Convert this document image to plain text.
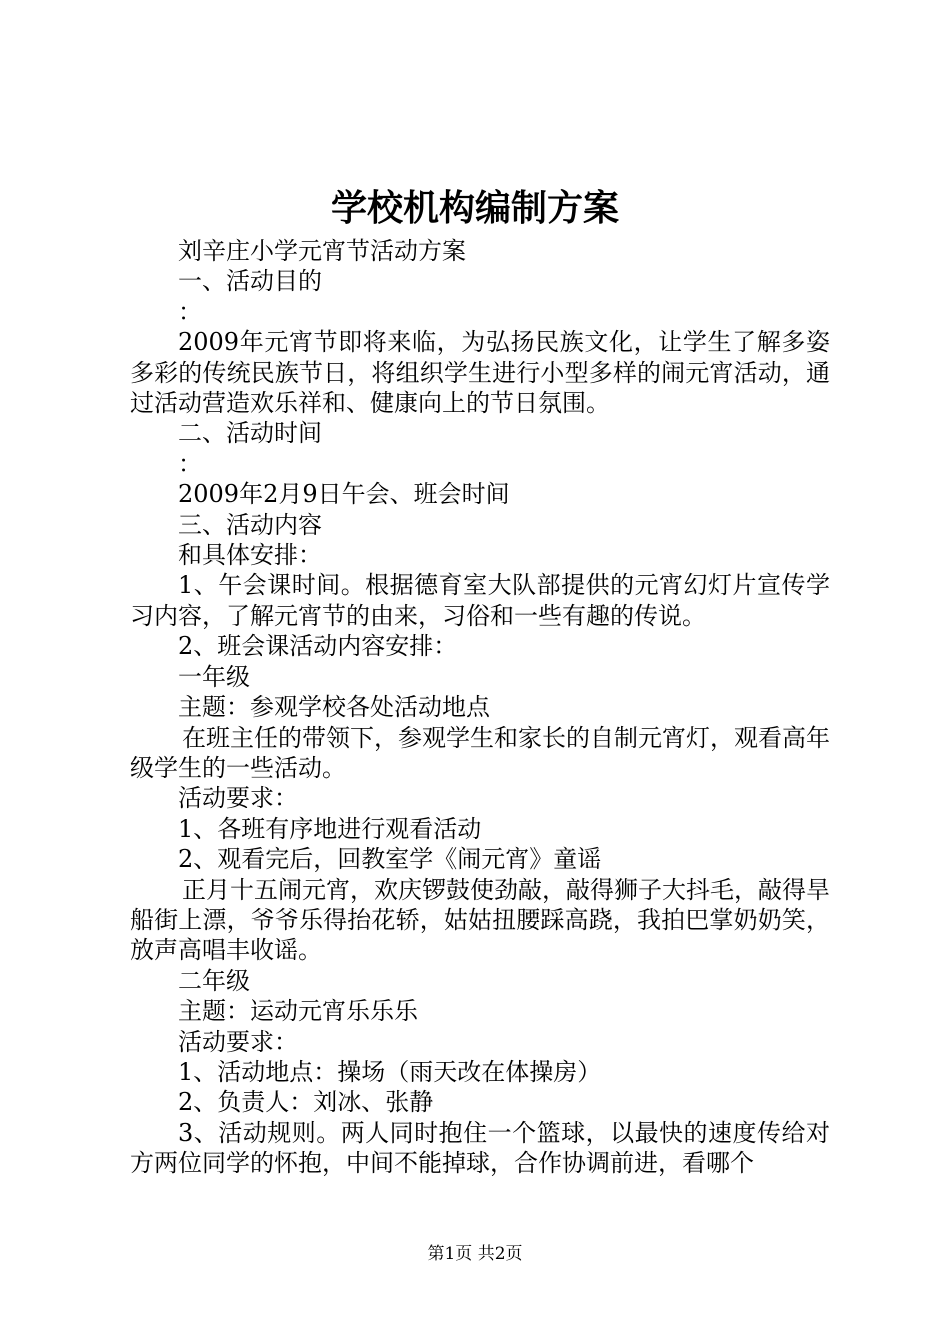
学校机构编制方案

刘辛庄小学元宵节活动方案

一、活动目的

：

2009年元宵节即将来临，为弘扬民族文化，让学生了解多姿多彩的传统民族节日，将组织学生进行小型多样的闹元宵活动，通过活动营造欢乐祥和、健康向上的节日氛围。

二、活动时间

：

2009年2月9日午会、班会时间

三、活动内容

和具体安排：

1、午会课时间。根据德育室大队部提供的元宵幻灯片宣传学习内容，了解元宵节的由来，习俗和一些有趣的传说。

2、班会课活动内容安排：

一年级

主题：参观学校各处活动地点

在班主任的带领下，参观学生和家长的自制元宵灯，观看高年级学生的一些活动。

活动要求：

1、各班有序地进行观看活动

2、观看完后，回教室学《闹元宵》童谣

正月十五闹元宵，欢庆锣鼓使劲敲，敲得狮子大抖毛，敲得旱船街上漂，爷爷乐得抬花轿，姑姑扭腰踩高跷，我拍巴掌奶奶笑，放声高唱丰收谣。

二年级

主题：运动元宵乐乐乐

活动要求：

1、活动地点：操场（雨天改在体操房）

2、负责人：刘冰、张静

3、活动规则。两人同时抱住一个篮球，以最快的速度传给对方两位同学的怀抱，中间不能掉球，合作协调前进，看哪个

第1页 共2页
